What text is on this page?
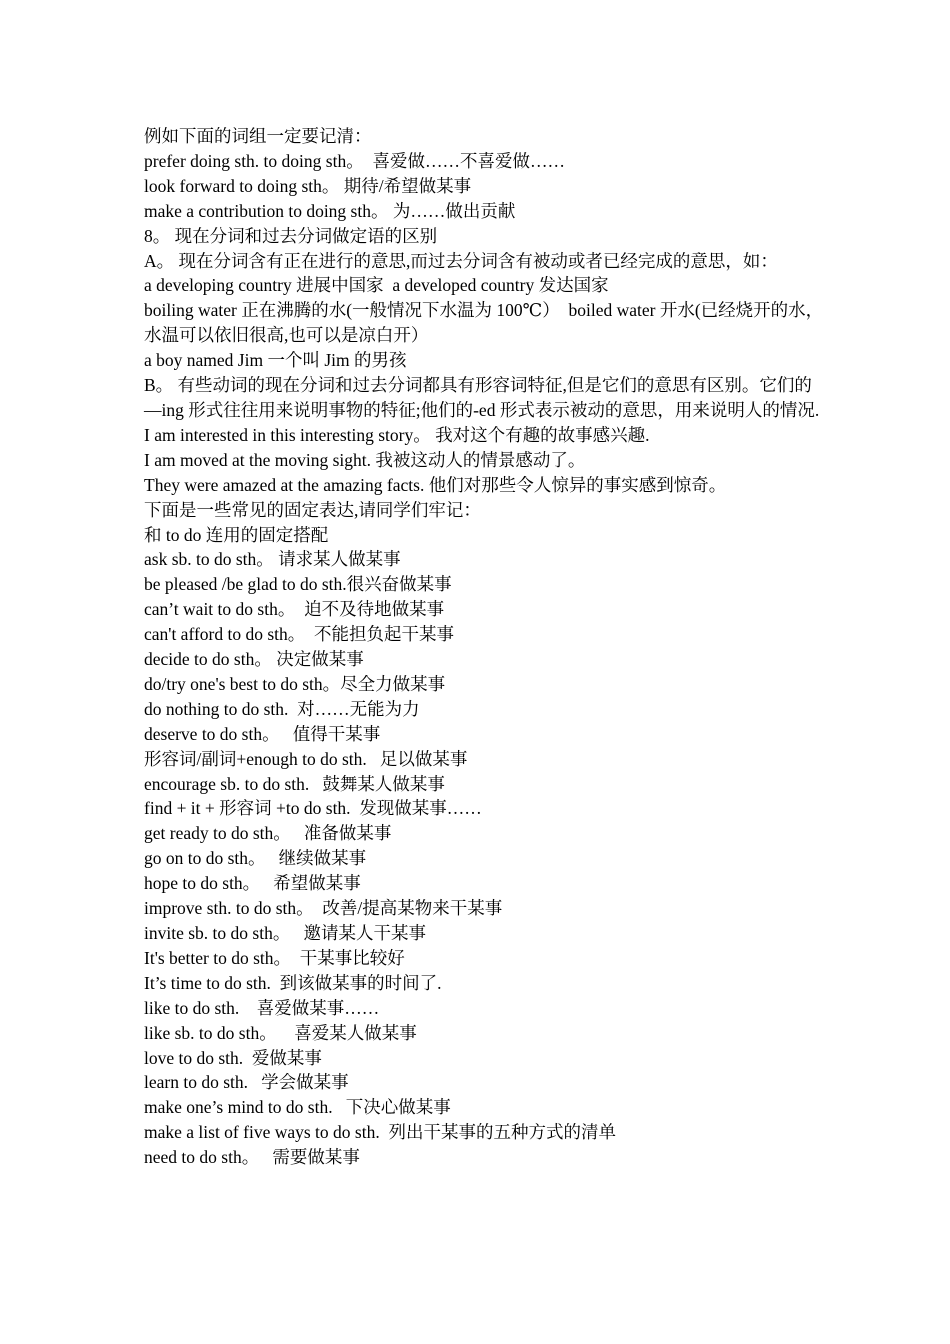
例如下面的词组一定要记清：

prefer doing sth. to doing sth。  喜爱做……不喜爱做……

look forward to doing sth。 期待/希望做某事

make a contribution to doing sth。 为……做出贡献

8。 现在分词和过去分词做定语的区别

A。 现在分词含有正在进行的意思,而过去分词含有被动或者已经完成的意思，如：

a developing country 进展中国家  a developed country 发达国家

boiling water 正在沸腾的水(一般情况下水温为 100℃）  boiled water 开水(已经烧开的水，水温可以依旧很高,也可以是凉白开）

a boy named Jim 一个叫 Jim 的男孩

B。 有些动词的现在分词和过去分词都具有形容词特征,但是它们的意思有区别。它们的—ing 形式往往用来说明事物的特征;他们的-ed 形式表示被动的意思，用来说明人的情况.

I am interested in this interesting story。 我对这个有趣的故事感兴趣.

I am moved at the moving sight. 我被这动人的情景感动了。

They were amazed at the amazing facts. 他们对那些令人惊异的事实感到惊奇。

下面是一些常见的固定表达,请同学们牢记：

和 to do 连用的固定搭配

ask sb. to do sth。 请求某人做某事

be pleased /be glad to do sth.很兴奋做某事

can’t wait to do sth。  迫不及待地做某事

can't afford to do sth。  不能担负起干某事

decide to do sth。 决定做某事

do/try one's best to do sth。尽全力做某事

do nothing to do sth.  对……无能为力

deserve to do sth。   值得干某事

形容词/副词+enough to do sth.   足以做某事

encourage sb. to do sth.   鼓舞某人做某事

find + it + 形容词 +to do sth.  发现做某事……

get ready to do sth。   准备做某事

go on to do sth。   继续做某事

hope to do sth。   希望做某事

improve sth. to do sth。  改善/提高某物来干某事

invite sb. to do sth。   邀请某人干某事

It's better to do sth。  干某事比较好

It’s time to do sth.  到该做某事的时间了.

like to do sth.    喜爱做某事……

like sb. to do sth。    喜爱某人做某事

love to do sth.  爱做某事

learn to do sth.   学会做某事

make one’s mind to do sth.   下决心做某事

make a list of five ways to do sth.  列出干某事的五种方式的清单

need to do sth。   需要做某事
